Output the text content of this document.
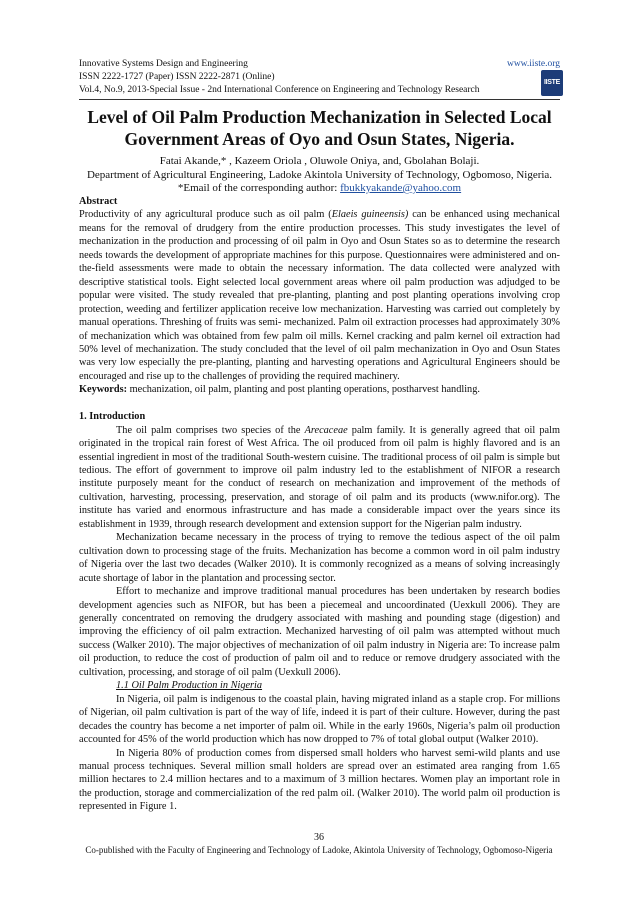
Innovative Systems Design and Engineering	www.iiste.org
ISSN 2222-1727 (Paper) ISSN 2222-2871 (Online)
Vol.4, No.9, 2013-Special Issue - 2nd International Conference on Engineering and Technology Research
IISTE
Level of Oil Palm Production Mechanization in Selected Local Government Areas of Oyo and Osun States, Nigeria.
Fatai Akande,* , Kazeem Oriola , Oluwole Oniya, and, Gbolahan Bolaji.
Department of Agricultural Engineering, Ladoke Akintola University of Technology, Ogbomoso, Nigeria.
*Email of the corresponding author: fbukkyakande@yahoo.com

Abstract

Productivity of any agricultural produce such as oil palm (Elaeis guineensis) can be enhanced using mechanical means for the removal of drudgery from the entire production processes. This study investigates the level of mechanization in the production and processing of oil palm in Oyo and Osun States so as to determine the research needs towards the development of appropriate machines for this purpose. Questionnaires were administered and on-the-field assessments were made to obtain the necessary information. The data collected were analyzed with descriptive statistical tools. Eight selected local government areas where oil palm production was adjudged to be popular were visited. The study revealed that pre-planting, planting and post planting operations involving crop protection, weeding and fertilizer application receive low mechanization. Harvesting was carried out completely by manual operations. Threshing of fruits was semi- mechanized. Palm oil extraction processes had approximately 30% of mechanization which was obtained from few palm oil mills. Kernel cracking and palm kernel oil extraction had 50% level of mechanization. The study concluded that the level of oil palm mechanization in Oyo and Osun States was very low especially the pre-planting, planting and harvesting operations and Agricultural Engineers should be encouraged and rise up to the challenges of providing the required machinery.

Keywords: mechanization, oil palm, planting and post planting operations, postharvest handling.

1. Introduction

The oil palm comprises two species of the Arecaceae palm family. It is generally agreed that oil palm originated in the tropical rain forest of West Africa. The oil produced from oil palm is highly flavored and is an essential ingredient in most of the traditional South-western cuisine. The traditional process of oil palm is simple but tedious. The effort of government to improve oil palm industry led to the establishment of NIFOR a research institute purposely meant for the conduct of research on mechanization and improvement of the methods of cultivation, harvesting, processing, preservation, and storage of oil palm and its products (www.nifor.org). The institute has varied and enormous infrastructure and has made a considerable impact over the years since its establishment in 1939, through research development and extension support for the Nigerian palm industry.

Mechanization became necessary in the process of trying to remove the tedious aspect of the oil palm cultivation down to processing stage of the fruits. Mechanization has become a common word in oil palm industry of Nigeria over the last two decades (Walker 2010). It is commonly recognized as a means of solving increasingly acute shortage of labor in the plantation and processing sector.

Effort to mechanize and improve traditional manual procedures has been undertaken by research bodies development agencies such as NIFOR, but has been a piecemeal and uncoordinated (Uexkull 2006). They are generally concentrated on removing the drudgery associated with mashing and pounding stage (digestion) and improving the efficiency of oil palm extraction. Mechanized harvesting of oil palm was attempted without much success (Walker 2010). The major objectives of mechanization of oil palm industry in Nigeria are: To increase palm oil production, to reduce the cost of production of palm oil and to reduce or remove drudgery associated with the cultivation, processing, and storage of oil palm (Uexkull 2006).

1.1 Oil Palm Production in Nigeria

In Nigeria, oil palm is indigenous to the coastal plain, having migrated inland as a staple crop. For millions of Nigerian, oil palm cultivation is part of the way of life, indeed it is part of their culture. However, during the past decades the country has become a net importer of palm oil. While in the early 1960s, Nigeria’s palm oil production accounted for 45% of the world production which has now dropped to 7% of total global output (Walker 2010).

In Nigeria 80% of production comes from dispersed small holders who harvest semi-wild plants and use manual process techniques. Several million small holders are spread over an estimated area ranging from 1.65 million hectares to 2.4 million hectares and to a maximum of 3 million hectares. Women play an important role in the production, storage and commercialization of the red palm oil. (Walker 2010). The world palm oil production is represented in Figure 1.

36
Co-published with the Faculty of Engineering and Technology of Ladoke, Akintola University of Technology, Ogbomoso-Nigeria
